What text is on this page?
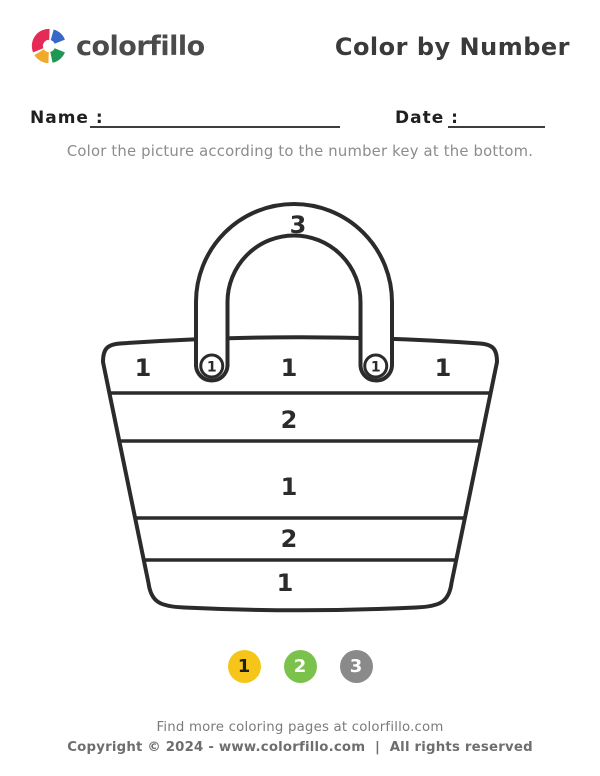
colorfillo	Color by Number
Name :	Date :

Color the picture according to the number key at the bottom.

3
1	1	1
1	1
2
1
2
1
1 2 3

Find more coloring pages at colorfillo.com

Copyright © 2024 - www.colorfillo.com  |  All rights reserved
